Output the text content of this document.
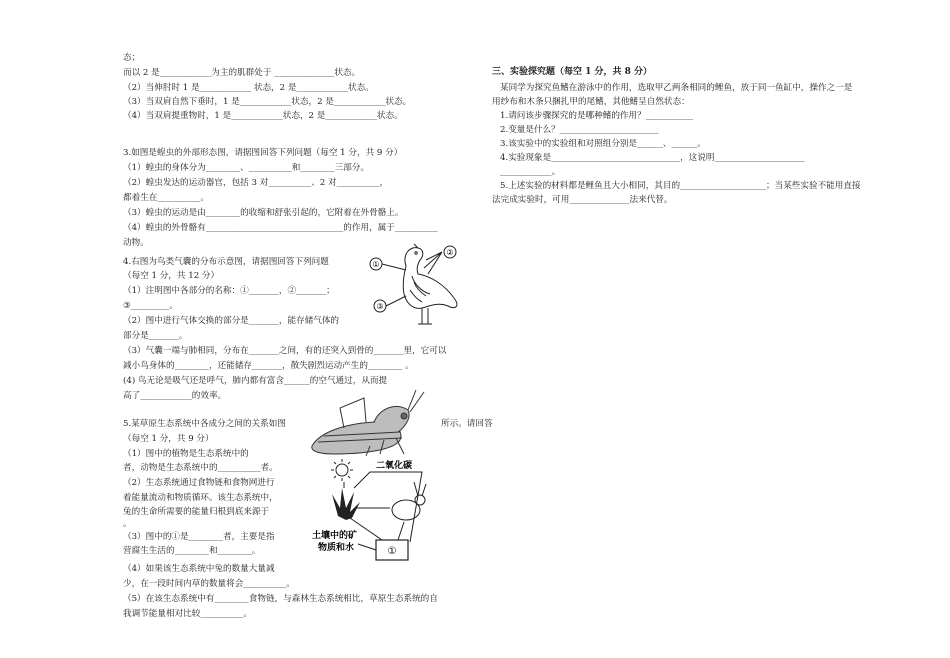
态；
而以 2 是____________为主的肌群处于 ______________状态。
（2）当伸肘时 1 是____________ 状态，2 是____________状态。
（3）当双肩自然下垂时，1 是____________状态，2 是____________状态。
（4）当双肩提重物时，1 是____________状态，2 是____________状态。
3.如图是蝗虫的外部形态图，请据图回答下列问题（每空 1 分，共 9 分）
（1）蝗虫的身体分为________、__________和________三部分。
（2）蝗虫发达的运动器官，包括 3 对__________、2 对__________，
都着生在__________。
（3）蝗虫的运动是由________的收缩和舒张引起的，它附着在外骨骼上。
（4）蝗虫的外骨骼有________________________________的作用，属于__________
动物。
4.右图为鸟类气囊的分布示意图，请据图回答下列问题
（每空 1 分，共 12 分）
（1）注明图中各部分的名称：①_______，②_______；
③_________。
（2）图中进行气体交换的部分是_______，能存储气体的
部分是_______。
（3）气囊一端与肺相同，分布在_______之间，有的还突入到骨的_______里，它可以
减小鸟身体的________，还能储存_______，散失剧烈运动产生的________ 。
(4) 鸟无论是吸气还是呼气，肺内都有富含______的空气通过，从而提
高了____________的效率。
5.某草原生态系统中各成分之间的关系如图	所示。请回答
（每空 1 分，共 9 分）
（1）图中的植物是生态系统中的
者，动物是生态系统中的__________者。
（2）生态系统通过食物链和食物网进行
着能量流动和物质循环。该生态系统中，
兔的生命所需要的能量归根到底来源于
。
（3）图中的①是________者，主要是指
营腐生生活的________和________。
（4）如果该生态系统中兔的数量大量减
少，在一段时间内草的数量将会__________。
（5）在该生态系统中有________食物链，与森林生态系统相比，草原生态系统的自
我调节能量相对比较__________。
三、实验探究题（每空 1 分，共 8 分）
某同学为探究鱼鳍在游泳中的作用，选取甲乙两条相同的鲤鱼，放于同一鱼缸中，操作之一是
用纱布和木条只捆扎甲的尾鳍，其他鳍呈自然状态：
1.请问该步骤探究的是哪种鳍的作用？___________
2.变量是什么？_______________________
3.该实验中的实验组和对照组分别是______、______。
4.实验现象是______________________________，这说明_____________________
____________。
5.上述实验的材料都是鲤鱼且大小相同，其目的____________________；当某些实验不能用直接
法完成实验时，可用______________法来代替。
①
②
③
二氧化碳
①
土壤中的矿
物质和水
